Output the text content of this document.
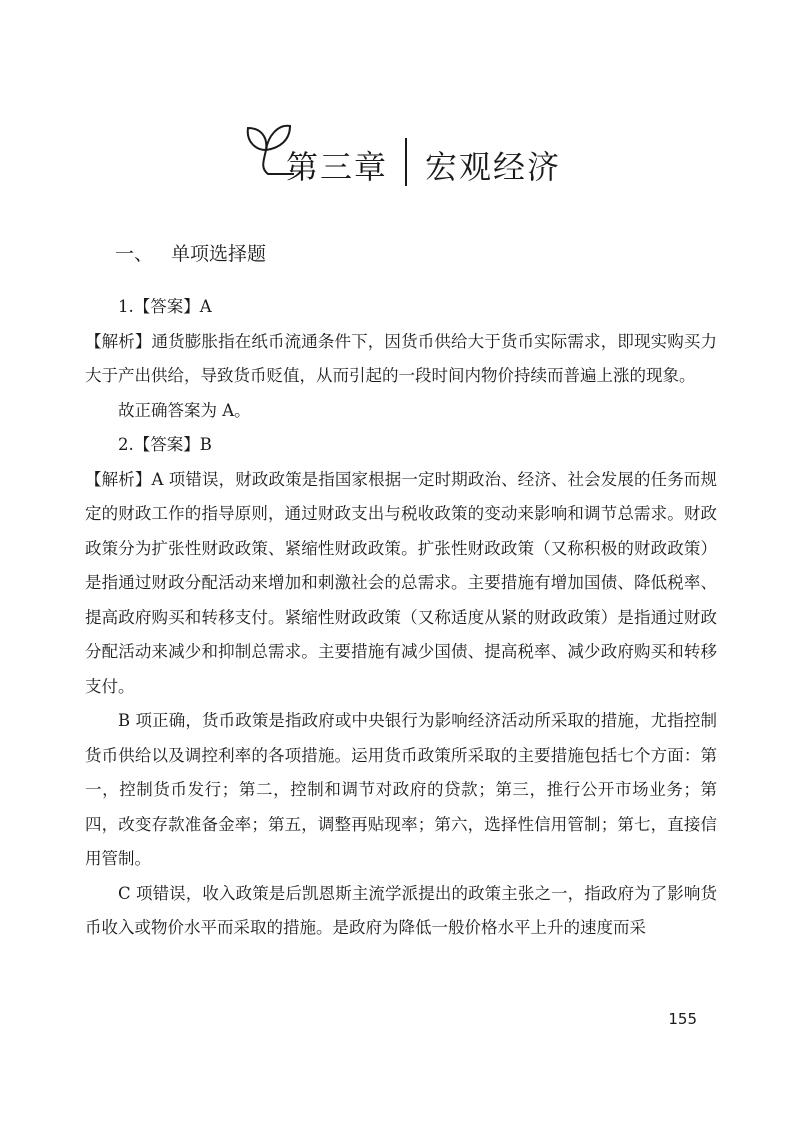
第三章 宏观经济
一、 单项选择题

1.【答案】A

【解析】通货膨胀指在纸币流通条件下，因货币供给大于货币实际需求，即现实购买力大于产出供给，导致货币贬值，从而引起的一段时间内物价持续而普遍上涨的现象。

故正确答案为 A。

2.【答案】B

【解析】A 项错误，财政政策是指国家根据一定时期政治、经济、社会发展的任务而规定的财政工作的指导原则，通过财政支出与税收政策的变动来影响和调节总需求。财政政策分为扩张性财政政策、紧缩性财政政策。扩张性财政政策（又称积极的财政政策）是指通过财政分配活动来增加和刺激社会的总需求。主要措施有增加国债、降低税率、提高政府购买和转移支付。紧缩性财政政策（又称适度从紧的财政政策）是指通过财政分配活动来减少和抑制总需求。主要措施有减少国债、提高税率、减少政府购买和转移支付。

B 项正确，货币政策是指政府或中央银行为影响经济活动所采取的措施，尤指控制货币供给以及调控利率的各项措施。运用货币政策所采取的主要措施包括七个方面：第一，控制货币发行；第二，控制和调节对政府的贷款；第三，推行公开市场业务；第四，改变存款准备金率；第五，调整再贴现率；第六，选择性信用管制；第七，直接信用管制。

C 项错误，收入政策是后凯恩斯主流学派提出的政策主张之一，指政府为了影响货币收入或物价水平而采取的措施。是政府为降低一般价格水平上升的速度而采

155
